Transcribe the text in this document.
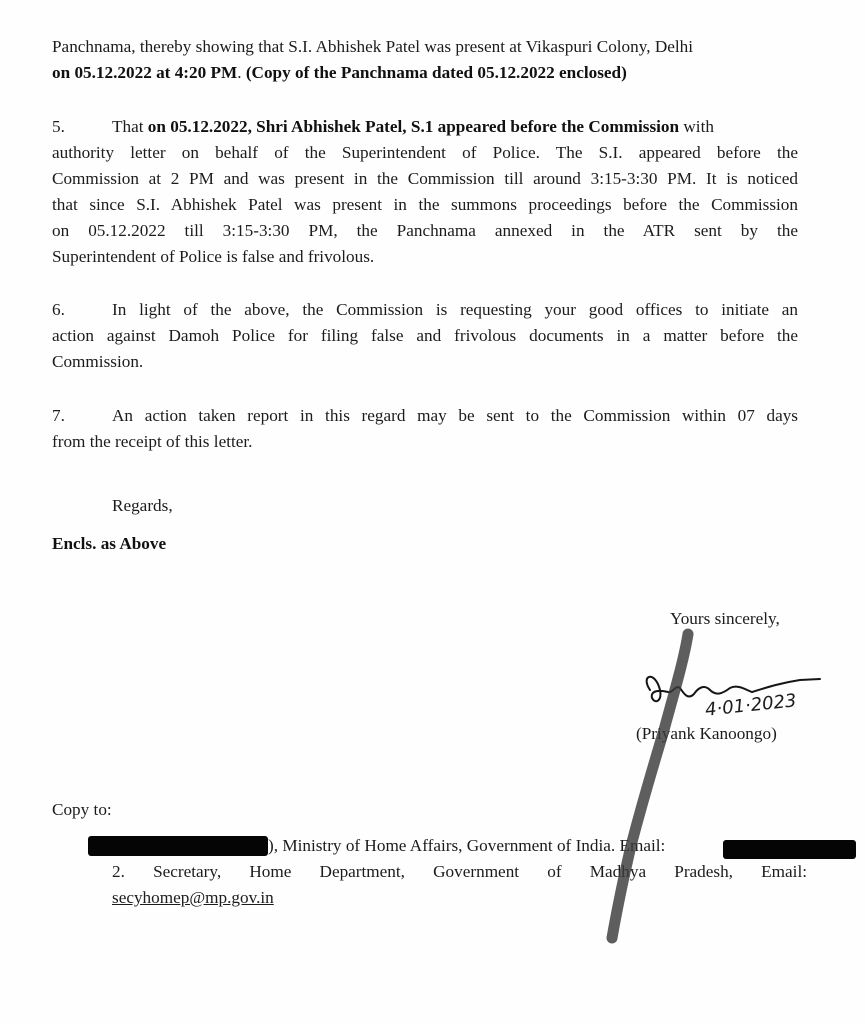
Panchnama, thereby showing that S.I. Abhishek Patel was present at Vikaspuri Colony, Delhi
on 05.12.2022 at 4:20 PM. (Copy of the Panchnama dated 05.12.2022 enclosed)
5.	That on 05.12.2022, Shri Abhishek Patel, S.1 appeared before the Commission with
authority letter on behalf of the Superintendent of Police. The S.I. appeared before the
Commission at 2 PM and was present in the Commission till around 3:15-3:30 PM. It is noticed
that since S.I. Abhishek Patel was present in the summons proceedings before the Commission
on 05.12.2022 till 3:15-3:30 PM, the Panchnama annexed in the ATR sent by the
Superintendent of Police is false and frivolous.
6.	In light of the above, the Commission is requesting your good offices to initiate an
action against Damoh Police for filing false and frivolous documents in a matter before the
Commission.
7.	An action taken report in this regard may be sent to the Commission within 07 days
from the receipt of this letter.
Regards,
Encls. as Above
Yours sincerely,
4·01·2023
(Priyank Kanoongo)
Copy to:
), Ministry of Home Affairs, Government of India. Email:
2. Secretary, Home Department, Government of Madhya Pradesh, Email:
secyhomep@mp.gov.in
